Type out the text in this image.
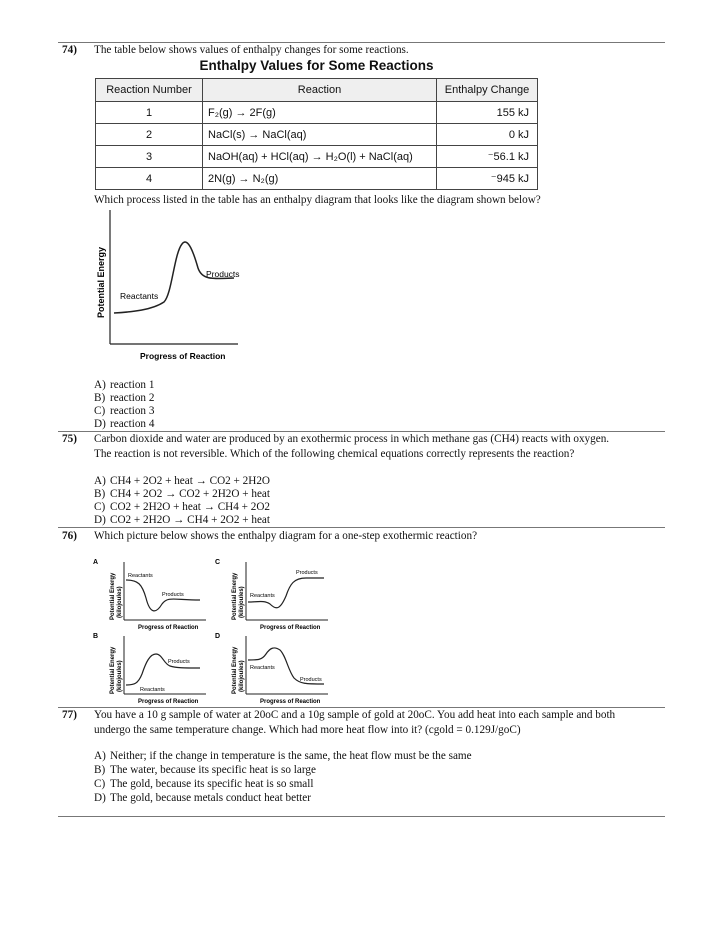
74) The table below shows values of enthalpy changes for some reactions.
Enthalpy Values for Some Reactions
Reaction Number	Reaction	Enthalpy Change
1	F₂(g) → 2F(g)	155 kJ
2	NaCl(s) → NaCl(aq)	0 kJ
3	NaOH(aq) + HCl(aq) → H₂O(l) + NaCl(aq)	⁻56.1 kJ
4	2N(g) → N₂(g)	⁻945 kJ
Which process listed in the table has an enthalpy diagram that looks like the diagram shown below?
Potential Energy Reactants
Products
Progress of Reaction
A) reaction 1
B) reaction 2
C) reaction 3
D) reaction 4
75) Carbon dioxide and water are produced by an exothermic process in which methane gas (CH4) reacts with oxygen.
The reaction is not reversible. Which of the following chemical equations correctly represents the reaction?
A) CH4 + 2O2 + heat → CO2 + 2H2O
B) CH4 + 2O2 → CO2 + 2H2O + heat
C) CO2 + 2H2O + heat → CH4 + 2O2
D) CO2 + 2H2O → CH4 + 2O2 + heat
76) Which picture below shows the enthalpy diagram for a one-step exothermic reaction?
A
Potential Energy (kilojoules)
Reactants
Products
Progress of Reaction
C
Potential Energy (kilojoules) Reactants
Products
Progress of Reaction
B
Potential Energy (kilojoules)	Reactants
Products
Progress of Reaction
D
Potential Energy (kilojoules) Reactants
Products
Progress of Reaction
77) You have a 10 g sample of water at 20oC and a 10g sample of gold at 20oC. You add heat into each sample and both
undergo the same temperature change. Which had more heat flow into it? (cgold = 0.129J/goC)
A) Neither; if the change in temperature is the same, the heat flow must be the same
B) The water, because its specific heat is so large
C) The gold, because its specific heat is so small
D) The gold, because metals conduct heat better
